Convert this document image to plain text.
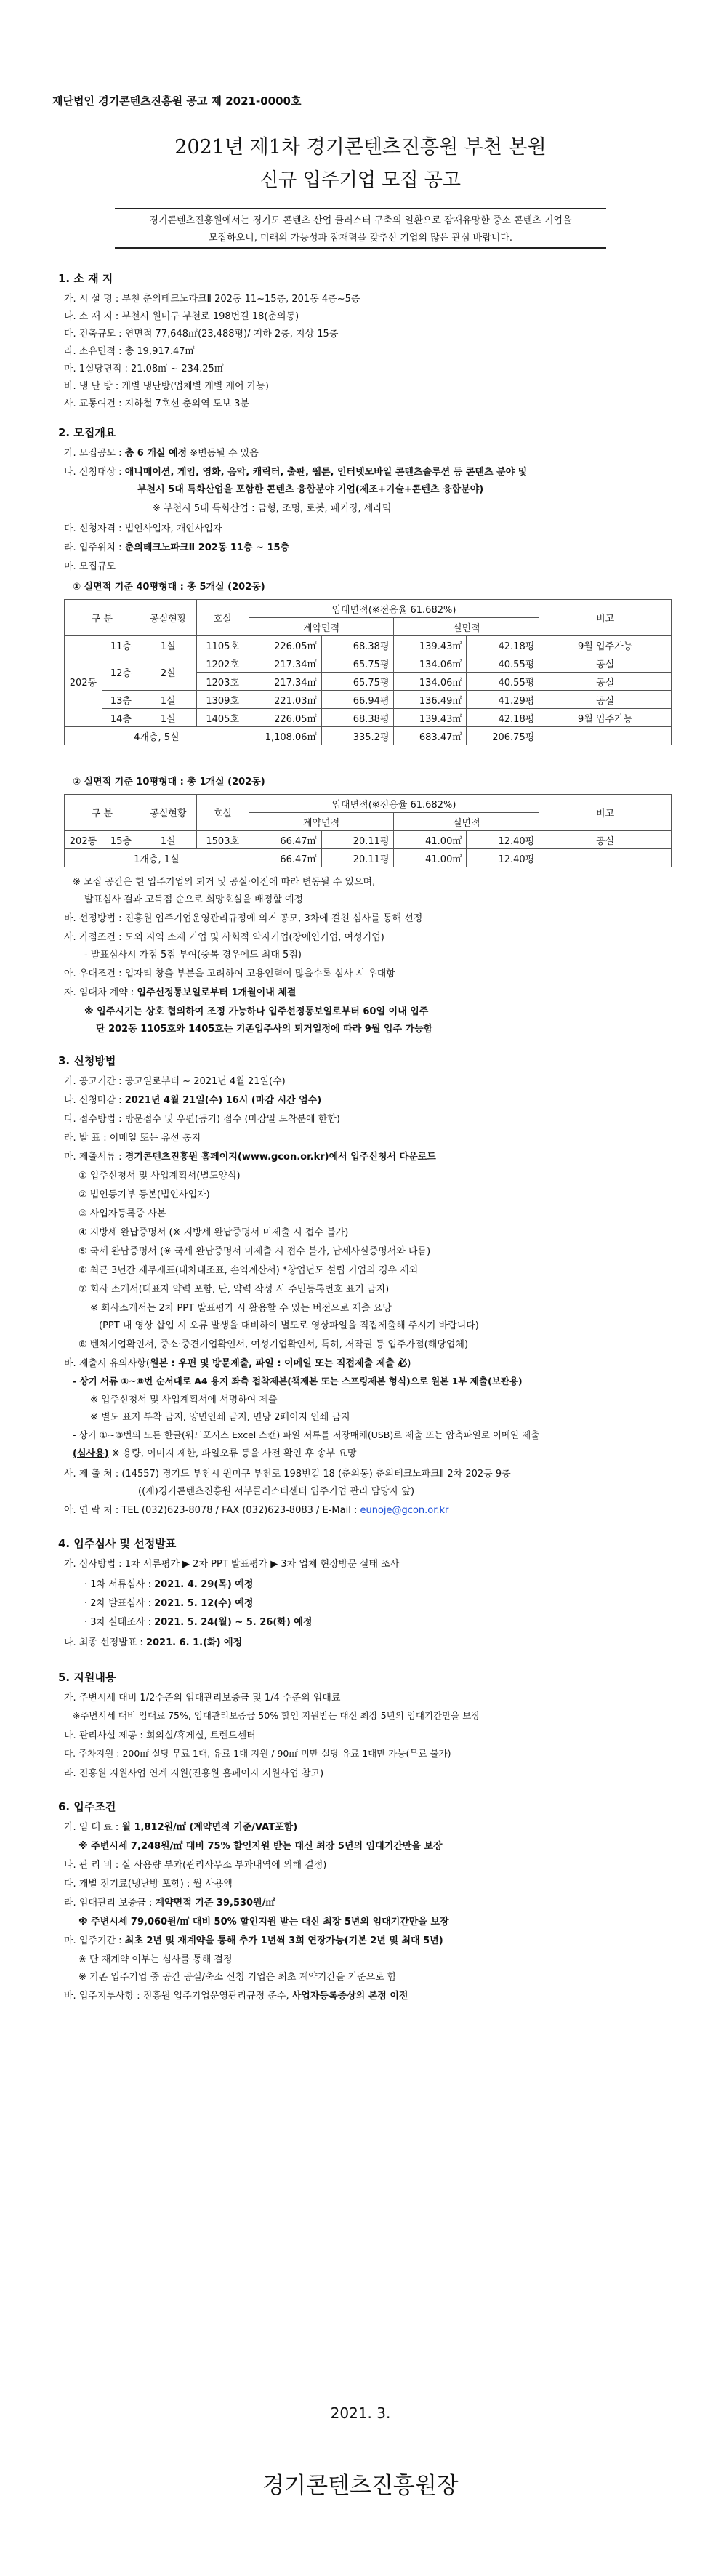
재단법인 경기콘텐츠진흥원 공고 제 2021-0000호
2021년 제1차 경기콘텐츠진흥원 부천 본원
신규 입주기업 모집 공고
경기콘텐츠진흥원에서는 경기도 콘텐츠 산업 클러스터 구축의 일환으로 잠재유망한 중소 콘텐츠 기업을
모집하오니, 미래의 가능성과 잠재력을 갖추신 기업의 많은 관심 바랍니다.
1. 소 재 지
가. 시 설 명 : 부천 춘의테크노파크Ⅱ 202동 11~15층, 201동 4층~5층
나. 소 재 지 : 부천시 원미구 부천로 198번길 18(춘의동)
다. 건축규모 : 연면적 77,648㎡(23,488평)/ 지하 2층, 지상 15층
라. 소유면적 : 총 19,917.47㎡
마. 1실당면적 : 21.08㎡ ~ 234.25㎡
바. 냉 난 방 : 개별 냉난방(업체별 개별 제어 가능)
사. 교통여건 : 지하철 7호선 춘의역 도보 3분
2. 모집개요
가. 모집공모 : 총 6 개실 예정 ※변동될 수 있음
나. 신청대상 : 애니메이션, 게임, 영화, 음악, 캐릭터, 출판, 웹툰, 인터넷모바일 콘텐츠솔루션 등 콘텐츠 분야 및
부천시 5대 특화산업을 포함한 콘텐츠 융합분야 기업(제조+기술+콘텐츠 융합분야)
※ 부천시 5대 특화산업 : 금형, 조명, 로봇, 패키징, 세라믹
다. 신청자격 : 법인사업자, 개인사업자
라. 입주위치 : 춘의테크노파크Ⅱ 202동 11층 ~ 15층
마. 모집규모
① 실면적 기준 40평형대 : 총 5개실 (202동)
구 분		공실현황	호실	임대면적(※전용율 61.682%)				비고
				계약면적		실면적		
202동	11층	1실	1105호	226.05㎡	68.38평	139.43㎡	42.18평	9월 입주가능
	12층	2실	1202호	217.34㎡	65.75평	134.06㎡	40.55평	공실
			1203호	217.34㎡	65.75평	134.06㎡	40.55평	공실
	13층	1실	1309호	221.03㎡	66.94평	136.49㎡	41.29평	공실
	14층	1실	1405호	226.05㎡	68.38평	139.43㎡	42.18평	9월 입주가능
4개층, 5실				1,108.06㎡	335.2평	683.47㎡	206.75평	
② 실면적 기준 10평형대 : 총 1개실 (202동)
구 분		공실현황	호실	임대면적(※전용율 61.682%)				비고
				계약면적		실면적		
202동	15층	1실	1503호	66.47㎡	20.11평	41.00㎡	12.40평	공실
1개층, 1실				66.47㎡	20.11평	41.00㎡	12.40평	
※ 모집 공간은 현 입주기업의 퇴거 및 공실·이전에 따라 변동될 수 있으며,
발표심사 결과 고득점 순으로 희망호실을 배정할 예정
바. 선정방법 : 진흥원 입주기업운영관리규정에 의거 공모, 3차에 걸친 심사를 통해 선정
사. 가점조건 : 도외 지역 소재 기업 및 사회적 약자기업(장애인기업, 여성기업)
- 발표심사시 가점 5점 부여(중복 경우에도 최대 5점)
아. 우대조건 : 입자리 창출 부분을 고려하여 고용인력이 많을수록 심사 시 우대함
자. 임대차 계약 : 입주선정통보일로부터 1개월이내 체결
※ 입주시기는 상호 협의하여 조정 가능하나 입주선정통보일로부터 60일 이내 입주
단 202동 1105호와 1405호는 기존입주사의 퇴거일정에 따라 9월 입주 가능함
3. 신청방법
가. 공고기간 : 공고일로부터 ~ 2021년 4월 21일(수)
나. 신청마감 : 2021년 4월 21일(수) 16시 (마감 시간 엄수)
다. 접수방법 : 방문접수 및 우편(등기) 접수 (마감일 도착분에 한함)
라. 발 표 : 이메일 또는 유선 통지
마. 제출서류 : 경기콘텐츠진흥원 홈페이지(www.gcon.or.kr)에서 입주신청서 다운로드
① 입주신청서 및 사업계획서(별도양식)
② 법인등기부 등본(법인사업자)
③ 사업자등록증 사본
④ 지방세 완납증명서 (※ 지방세 완납증명서 미제출 시 접수 불가)
⑤ 국세 완납증명서 (※ 국세 완납증명서 미제출 시 접수 불가, 납세사실증명서와 다름)
⑥ 최근 3년간 재무제표(대차대조표, 손익계산서) *창업년도 설립 기업의 경우 제외
⑦ 회사 소개서(대표자 약력 포함, 단, 약력 작성 시 주민등록번호 표기 금지)
※ 회사소개서는 2차 PPT 발표평가 시 활용할 수 있는 버전으로 제출 요망
(PPT 내 영상 삽입 시 오류 발생을 대비하여 별도로 영상파일을 직접제출해 주시기 바랍니다)
⑧ 벤처기업확인서, 중소·중견기업확인서, 여성기업확인서, 특허, 저작권 등 입주가점(해당업체)
바. 제출시 유의사항(원본 : 우편 및 방문제출, 파일 : 이메일 또는 직접제출 제출 必)
- 상기 서류 ①~⑧번 순서대로 A4 용지 좌측 접착제본(책제본 또는 스프링제본 형식)으로 원본 1부 제출(보관용)
※ 입주신청서 및 사업계획서에 서명하여 제출
※ 별도 표지 부착 금지, 양면인쇄 금지, 면당 2페이지 인쇄 금지
- 상기 ①~⑧번의 모든 한글(워드포시스 Excel 스캔) 파일 서류를 저장매체(USB)로 제출 또는 압축파일로 이메일 제출
(심사용) ※ 용량, 이미지 제한, 파일오류 등을 사전 확인 후 송부 요망
사. 제 출 처 : (14557) 경기도 부천시 원미구 부천로 198번길 18 (춘의동) 춘의테크노파크Ⅱ 2차 202동 9층
((재)경기콘텐츠진흥원 서부클러스터센터 입주기업 관리 담당자 앞)
아. 연 락 처 : TEL (032)623-8078 / FAX (032)623-8083 / E-Mail : eunoje@gcon.or.kr
4. 입주심사 및 선정발표
가. 심사방법 : 1차 서류평가 ▶ 2차 PPT 발표평가 ▶ 3차 업체 현장방문 실태 조사
· 1차 서류심사 : 2021. 4. 29(목) 예정
· 2차 발표심사 : 2021. 5. 12(수) 예정
· 3차 실태조사 : 2021. 5. 24(월) ~ 5. 26(화) 예정
나. 최종 선정발표 : 2021. 6. 1.(화) 예정
5. 지원내용
가. 주변시세 대비 1/2수준의 임대관리보증금 및 1/4 수준의 임대료
※주변시세 대비 임대료 75%, 임대관리보증금 50% 할인 지원받는 대신 최장 5년의 임대기간만을 보장
나. 관리사설 제공 : 회의실/휴게실, 트렌드센터
다. 주차지원 : 200㎡ 실당 무료 1대, 유료 1대 지원 / 90㎡ 미만 실당 유료 1대만 가능(무료 불가)
라. 진흥원 지원사업 연계 지원(진흥원 홈페이지 지원사업 참고)
6. 입주조건
가. 임 대 료 : 월 1,812원/㎡ (계약면적 기준/VAT포함)
※ 주변시세 7,248원/㎡ 대비 75% 할인지원 받는 대신 최장 5년의 임대기간만을 보장
나. 관 리 비 : 실 사용량 부과(관리사무소 부과내역에 의해 결정)
다. 개별 전기료(냉난방 포함) : 월 사용액
라. 임대관리 보증금 : 계약면적 기준 39,530원/㎡
※ 주변시세 79,060원/㎡ 대비 50% 할인지원 받는 대신 최장 5년의 임대기간만을 보장
마. 입주기간 : 최초 2년 및 재계약을 통해 추가 1년씩 3회 연장가능(기본 2년 및 최대 5년)
※ 단 재계약 여부는 심사를 통해 결정
※ 기존 입주기업 중 공간 공실/축소 신청 기업은 최초 계약기간을 기준으로 함
바. 입주지루사항 : 진흥원 입주기업운영관리규정 준수, 사업자등록증상의 본점 이전
2021. 3.
경기콘텐츠진흥원장
